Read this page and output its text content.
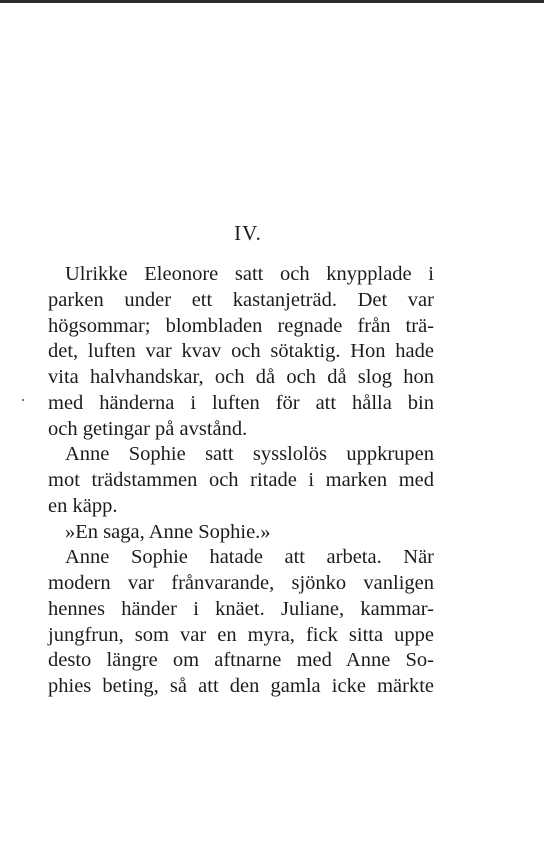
IV.
Ulrikke Eleonore satt och knypplade i
parken under ett kastanjeträd. Det var
högsommar; blombladen regnade från trä-
det, luften var kvav och sötaktig. Hon hade
vita halvhandskar, och då och då slog hon
med händerna i luften för att hålla bin
och getingar på avstånd.
Anne Sophie satt sysslolös uppkrupen
mot trädstammen och ritade i marken med
en käpp.
»En saga, Anne Sophie.»
Anne Sophie hatade att arbeta. När
modern var frånvarande, sjönko vanligen
hennes händer i knäet. Juliane, kammar-
jungfrun, som var en myra, fick sitta uppe
desto längre om aftnarne med Anne So-
phies beting, så att den gamla icke märkte
